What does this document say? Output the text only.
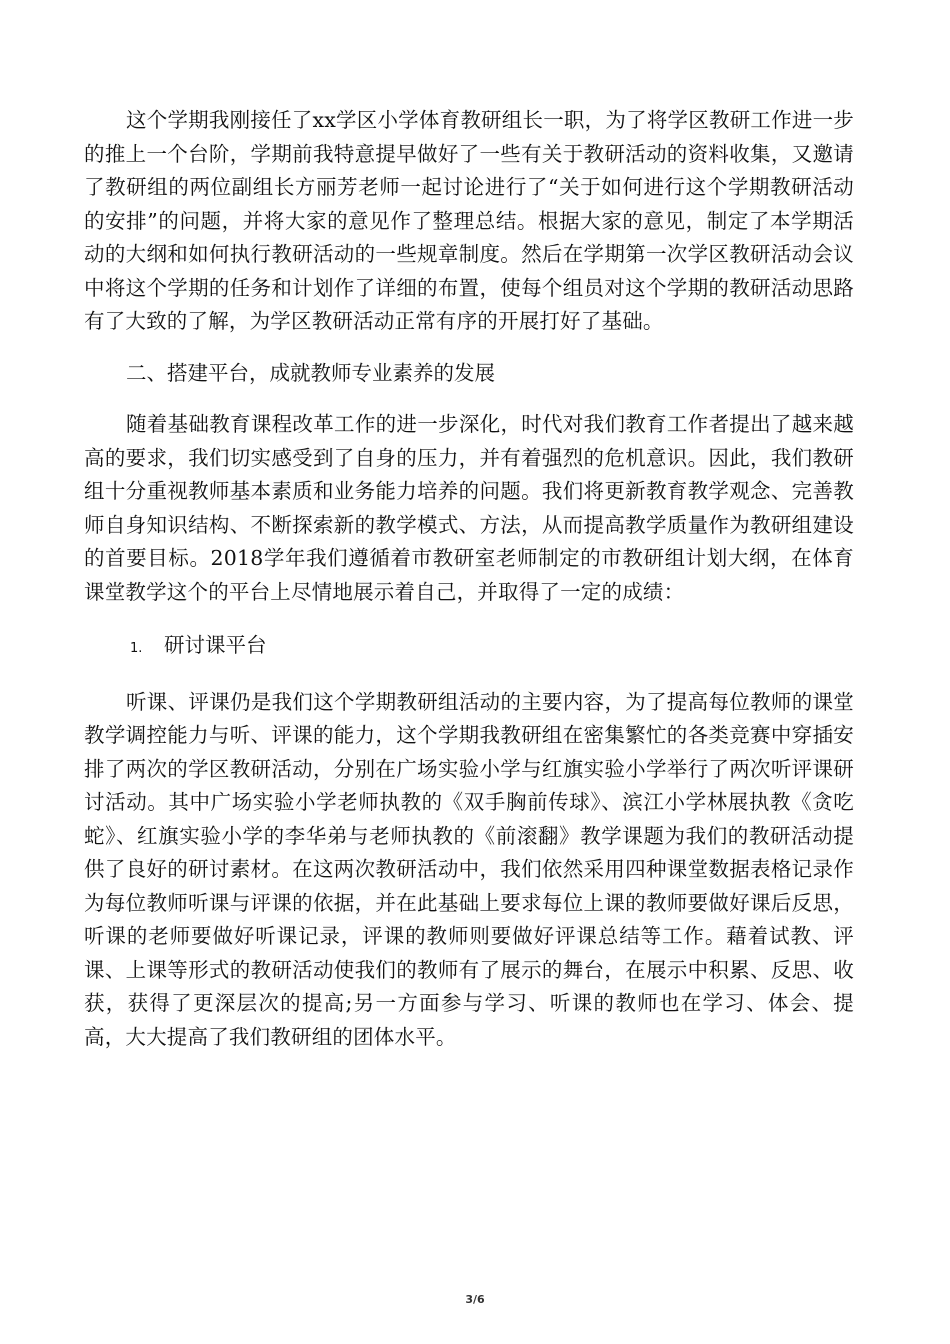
这个学期我刚接任了xx学区小学体育教研组长一职，为了将学区教研工作进一步的推上一个台阶，学期前我特意提早做好了一些有关于教研活动的资料收集，又邀请了教研组的两位副组长方丽芳老师一起讨论进行了“关于如何进行这个学期教研活动的安排”的问题，并将大家的意见作了整理总结。根据大家的意见，制定了本学期活动的大纲和如何执行教研活动的一些规章制度。然后在学期第一次学区教研活动会议中将这个学期的任务和计划作了详细的布置，使每个组员对这个学期的教研活动思路有了大致的了解，为学区教研活动正常有序的开展打好了基础。

二、搭建平台，成就教师专业素养的发展

随着基础教育课程改革工作的进一步深化，时代对我们教育工作者提出了越来越高的要求，我们切实感受到了自身的压力，并有着强烈的危机意识。因此，我们教研组十分重视教师基本素质和业务能力培养的问题。我们将更新教育教学观念、完善教师自身知识结构、不断探索新的教学模式、方法，从而提高教学质量作为教研组建设的首要目标。2018学年我们遵循着市教研室老师制定的市教研组计划大纲，在体育课堂教学这个的平台上尽情地展示着自己，并取得了一定的成绩：

1.	研讨课平台

听课、评课仍是我们这个学期教研组活动的主要内容，为了提高每位教师的课堂教学调控能力与听、评课的能力，这个学期我教研组在密集繁忙的各类竞赛中穿插安排了两次的学区教研活动，分别在广场实验小学与红旗实验小学举行了两次听评课研讨活动。其中广场实验小学老师执教的《双手胸前传球》、滨江小学林展执教《贪吃蛇》、红旗实验小学的李华弟与老师执教的《前滚翻》教学课题为我们的教研活动提供了良好的研讨素材。在这两次教研活动中，我们依然采用四种课堂数据表格记录作为每位教师听课与评课的依据，并在此基础上要求每位上课的教师要做好课后反思，听课的老师要做好听课记录，评课的教师则要做好评课总结等工作。藉着试教、评课、上课等形式的教研活动使我们的教师有了展示的舞台，在展示中积累、反思、收获，获得了更深层次的提高;另一方面参与学习、听课的教师也在学习、体会、提高，大大提高了我们教研组的团体水平。

3/6
